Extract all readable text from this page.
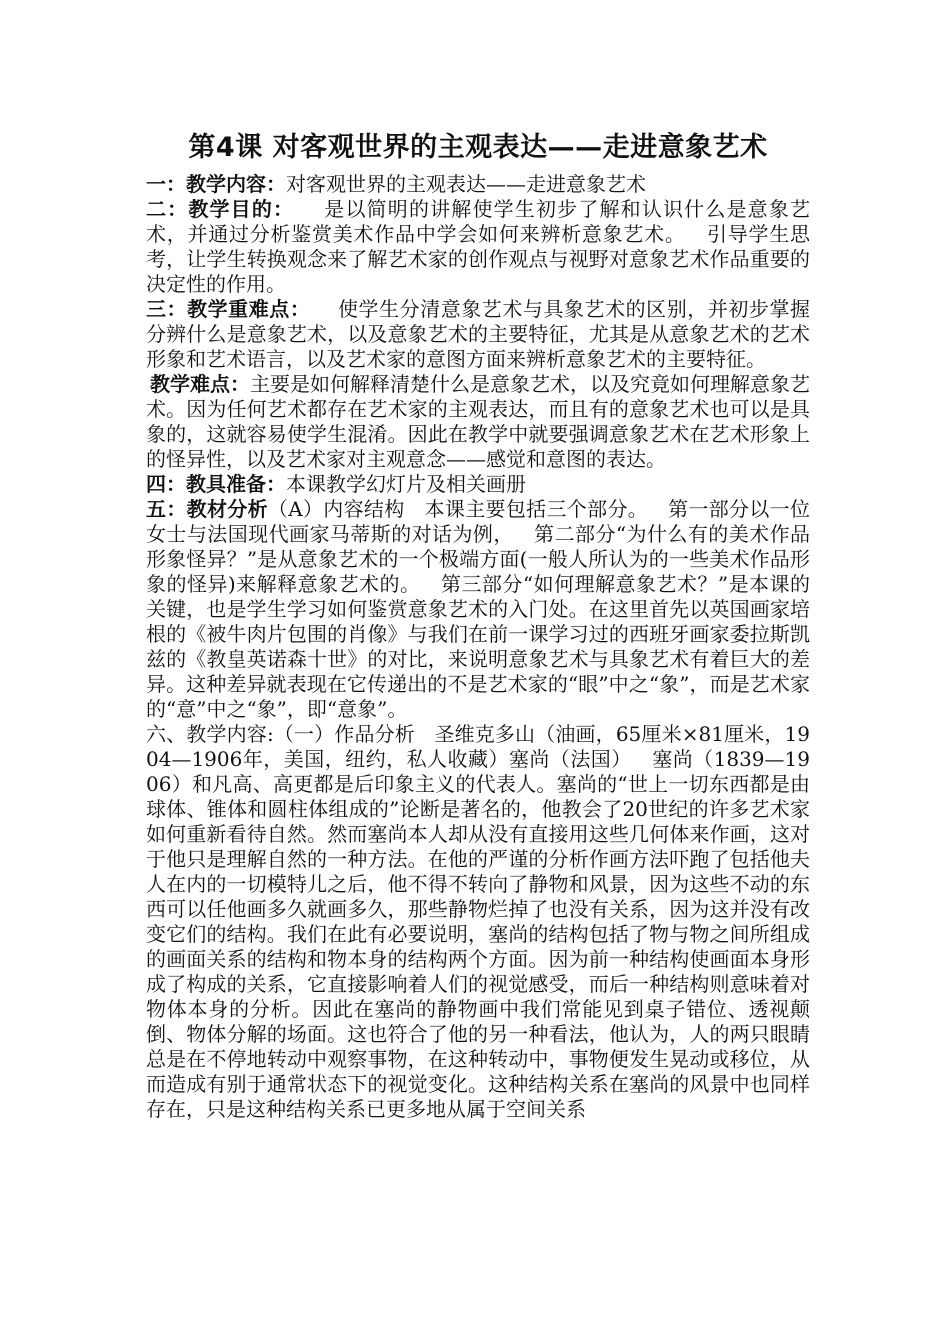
第4课 对客观世界的主观表达——走进意象艺术

一：教学内容：对客观世界的主观表达——走进意象艺术

二：教学目的：    是以简明的讲解使学生初步了解和认识什么是意象艺术，并通过分析鉴赏美术作品中学会如何来辨析意象艺术。   引导学生思考，让学生转换观念来了解艺术家的创作观点与视野对意象艺术作品重要的决定性的作用。

三：教学重难点：    使学生分清意象艺术与具象艺术的区别，并初步掌握分辨什么是意象艺术，以及意象艺术的主要特征，尤其是从意象艺术的艺术形象和艺术语言，以及艺术家的意图方面来辨析意象艺术的主要特征。

教学难点：主要是如何解释清楚什么是意象艺术，以及究竟如何理解意象艺术。因为任何艺术都存在艺术家的主观表达，而且有的意象艺术也可以是具象的，这就容易使学生混淆。因此在教学中就要强调意象艺术在艺术形象上的怪异性，以及艺术家对主观意念——感觉和意图的表达。

四：教具准备：本课教学幻灯片及相关画册

五：教材分析（A）内容结构   本课主要包括三个部分。   第一部分以一位女士与法国现代画家马蒂斯的对话为例，   第二部分“为什么有的美术作品形象怪异？”是从意象艺术的一个极端方面(一般人所认为的一些美术作品形象的怪异)来解释意象艺术的。   第三部分“如何理解意象艺术？”是本课的关键，也是学生学习如何鉴赏意象艺术的入门处。在这里首先以英国画家培根的《被牛肉片包围的肖像》与我们在前一课学习过的西班牙画家委拉斯凯兹的《教皇英诺森十世》的对比，来说明意象艺术与具象艺术有着巨大的差异。这种差异就表现在它传递出的不是艺术家的“眼”中之“象”，而是艺术家的“意”中之“象”，即“意象”。

六、教学内容:（一）作品分析   圣维克多山（油画，65厘米×81厘米，1904—1906年，美国，纽约，私人收藏）塞尚（法国）   塞尚（1839—1906）和凡高、高更都是后印象主义的代表人。塞尚的“世上一切东西都是由球体、锥体和圆柱体组成的”论断是著名的，他教会了20世纪的许多艺术家如何重新看待自然。然而塞尚本人却从没有直接用这些几何体来作画，这对于他只是理解自然的一种方法。在他的严谨的分析作画方法吓跑了包括他夫人在内的一切模特儿之后，他不得不转向了静物和风景，因为这些不动的东西可以任他画多久就画多久，那些静物烂掉了也没有关系，因为这并没有改变它们的结构。我们在此有必要说明，塞尚的结构包括了物与物之间所组成的画面关系的结构和物本身的结构两个方面。因为前一种结构使画面本身形成了构成的关系，它直接影响着人们的视觉感受，而后一种结构则意味着对物体本身的分析。因此在塞尚的静物画中我们常能见到桌子错位、透视颠倒、物体分解的场面。这也符合了他的另一种看法，他认为，人的两只眼睛总是在不停地转动中观察事物，在这种转动中，事物便发生晃动或移位，从而造成有别于通常状态下的视觉变化。这种结构关系在塞尚的风景中也同样存在，只是这种结构关系已更多地从属于空间关系
